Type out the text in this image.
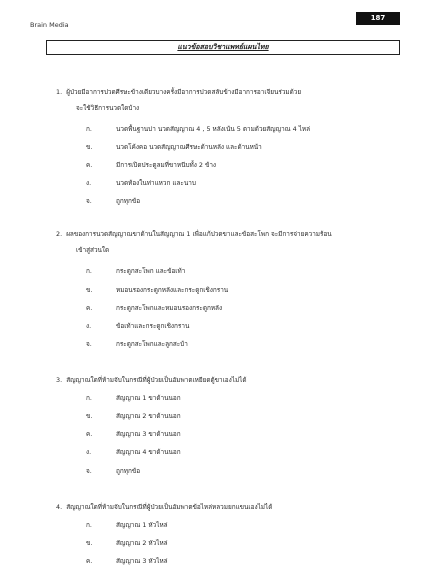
Brain Media
187
แนวข้อสอบวิชาแพทย์แผนไทย
1. ผู้ป่วยมีอาการปวดศีรษะข้างเดียวบางครั้งมีอาการปวดสลับข้างมีอาการอาเจียนร่วมด้วย
จะใช้วิธีการนวดใดบ้าง
ก.	นวดพื้นฐานบ่า นวดสัญญาณ 4 , 5 หลังเน้น 5 ตามด้วยสัญญาณ 4 ไหล่
ข.	นวดโค้งคอ นวดสัญญาณศีรษะด้านหลัง และด้านหน้า
ค.	มีการเปิดประตูลมที่ขาหนีบทั้ง 2 ข้าง
ง.	นวดท้องในท่าแหวก และนาบ
จ.	ถูกทุกข้อ
2. ผลของการนวดสัญญาณขาด้านในสัญญาณ 1 เพื่อแก้ปวดขาและข้อสะโพก จะมีการจ่ายความร้อน
เข้าสู่ส่วนใด
ก.	กระดูกสะโพก และข้อเท้า
ข.	หมอนรองกระดูกหลังและกระดูกเชิงกราน
ค.	กระดูกสะโพกและหมอนรองกระดูกหลัง
ง.	ข้อเท้าและกระดูกเชิงกราน
จ.	กระดูกสะโพกและลูกสะบ้า
3. สัญญาณใดที่ห้ามจับในกรณีที่ผู้ป่วยเป็นอัมพาตเหยียดตู้ขาเองไม่ได้
ก.	สัญญาณ 1 ขาด้านนอก
ข.	สัญญาณ 2 ขาด้านนอก
ค.	สัญญาณ 3 ขาด้านนอก
ง.	สัญญาณ 4 ขาด้านนอก
จ.	ถูกทุกข้อ
4. สัญญาณใดที่ห้ามจับในกรณีที่ผู้ป่วยเป็นอัมพาตข้อไหล่หลวมยกแขนเองไม่ได้
ก.	สัญญาณ 1 หัวไหล่
ข.	สัญญาณ 2 หัวไหล่
ค.	สัญญาณ 3 หัวไหล่
